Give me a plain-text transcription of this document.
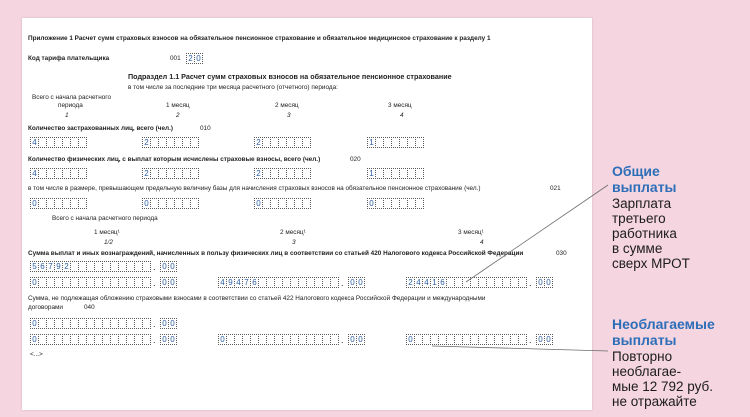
Приложение 1 Расчет сумм страховых взносов на обязательное пенсионное страхование и обязательное медицинское страхование к разделу 1
Код тарифа плательщика	001 2 0
Подраздел 1.1 Расчет сумм страховых взносов на обязательное пенсионное страхование
в том числе за последние три месяца расчетного (отчетного) периода:
Всего с начала расчетного
периода	1 месяц	2 месяц	3 месяц
1	2	3	4
Количество застрахованных лиц, всего (чел.)	010
4	2	2	1
Количество физических лиц, с выплат которым исчислены страховые взносы, всего (чел.)	020
4	2	2	1
в том числе в размере, превышающем предельную величину базы для начисления страховых взносов на обязательное пенсионное страхование (чел.)	021
0	0	0	0
Всего с начала расчетного периода
1 месяц¹	2 месяц¹	3 месяц¹
1/2	3	4
Сумма выплат и иных вознаграждений, начисленных в пользу физических лиц в соответствии со статьей 420 Налогового кодекса Российской Федерации	030
5 6 7 9 2	. 0 0
0	. 0 0	4 9 4 7 6	. 0 0	2 4 4 1 6	. 0 0
Сумма, не подлежащая обложению страховыми взносами в соответствии со статьей 422 Налогового кодекса Российской Федерации и международными
договорами	040
0	. 0 0
0	. 0 0	0	. 0 0	0	. 0 0
<...>
Общие
выплаты
Зарплата
третьего
работника
в сумме
сверх МРОТ
Необлагаемые
выплаты
Повторно
необлагае-
мые 12 792 руб.
не отражайте
